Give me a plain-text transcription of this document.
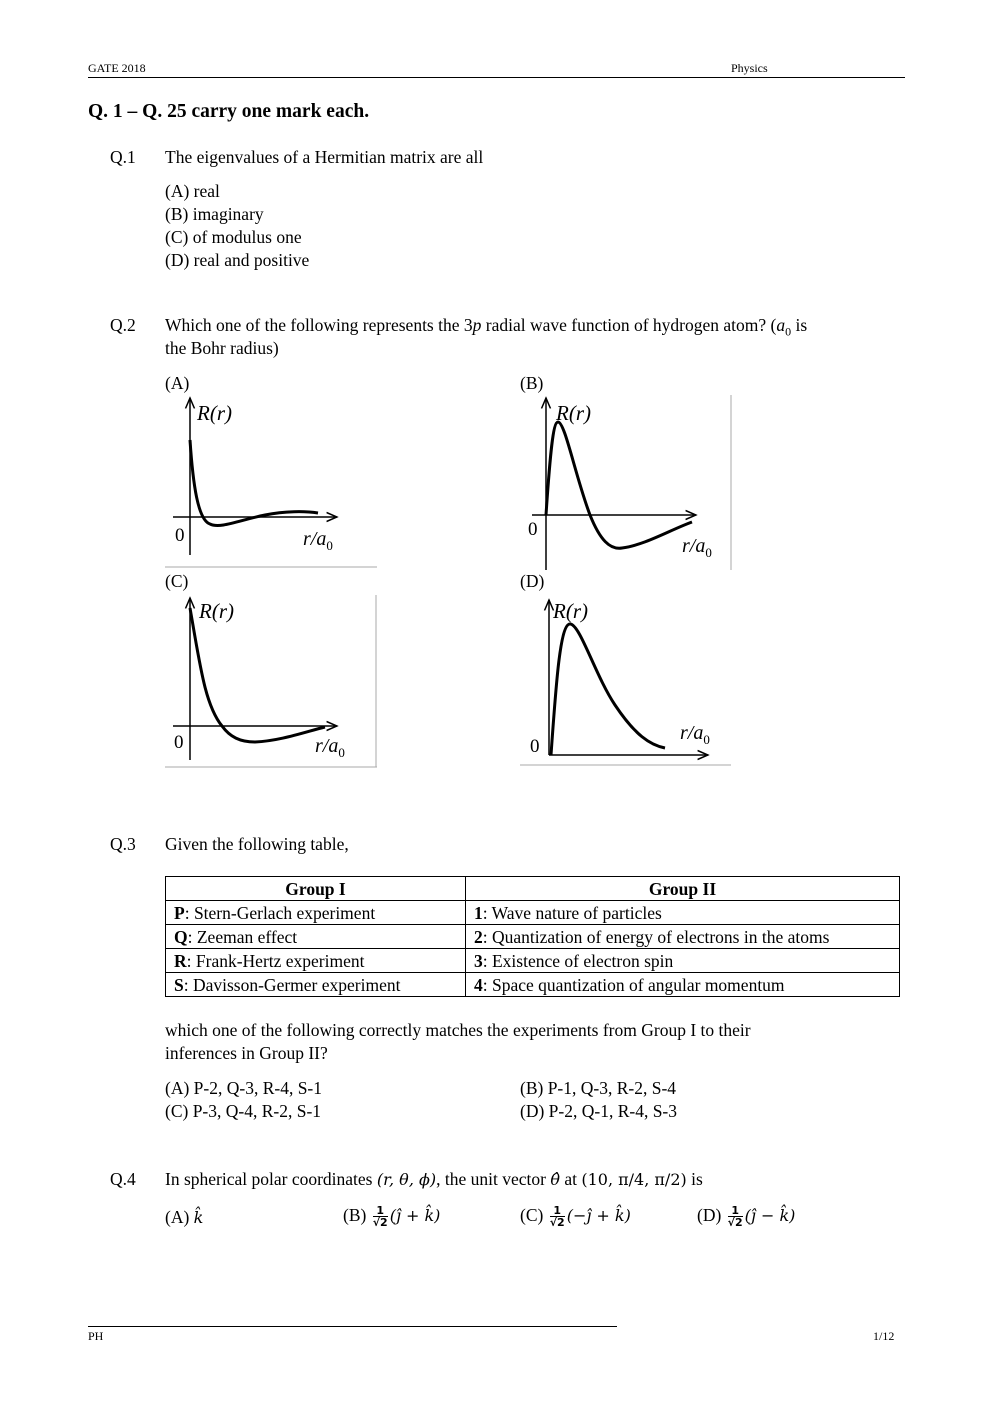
GATE 2018	Physics
Q. 1 – Q. 25 carry one mark each.
Q.1 The eigenvalues of a Hermitian matrix are all
(A) real
(B) imaginary
(C) of modulus one
(D) real and positive
Q.2 Which one of the following represents the 3p radial wave function of hydrogen atom? ($a_0$ is
the Bohr radius)
(A)	(B)
(C)	(D)
R(r)
0	$r/a_0$
R(r)
0
$r/a_0$
R(r)
0	$r/a_0$
R(r)
0
$r/a_0$
Q.3 Given the following table,
Group I	Group II
P: Stern-Gerlach experiment	1: Wave nature of particles
Q: Zeeman effect	2: Quantization of energy of electrons in the atoms
R: Frank-Hertz experiment	3: Existence of electron spin
S: Davisson-Germer experiment	4: Space quantization of angular momentum
which one of the following correctly matches the experiments from Group I to their
inferences in Group II?
(A) P-2, Q-3, R-4, S-1	(B) P-1, Q-3, R-2, S-4
(C) P-3, Q-4, R-2, S-1	(D) P-2, Q-1, R-4, S-3
Q.4 In spherical polar coordinates (r, θ, ϕ), the unit vector θ̂ at (10, π/4, π/2) is
(A) k̂	$(B) \frac{1}{√2}$ (ĵ + k̂)	$(C) \frac{1}{√2}$ (−ĵ + k̂)	$(D) \frac{1}{√2}$ (ĵ − k̂)
PH	1/12
